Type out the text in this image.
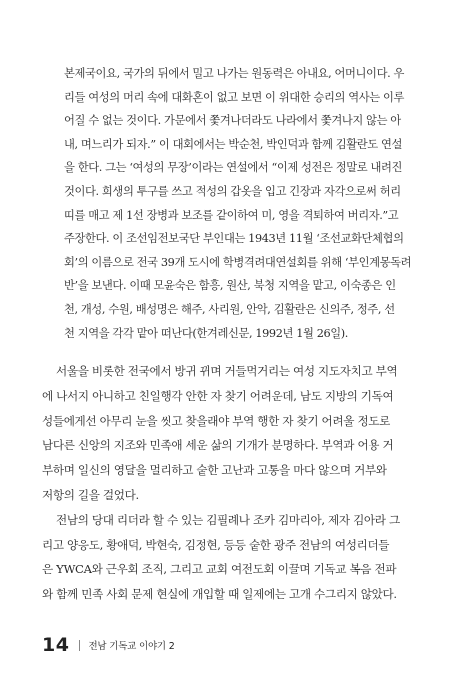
본제국이요, 국가의 뒤에서 밀고 나가는 원동력은 아내요, 어머니이다. 우
리들 여성의 머리 속에 대화혼이 없고 보면 이 위대한 승리의 역사는 이루
어질 수 없는 것이다. 가문에서 쫓겨나더라도 나라에서 쫓겨나지 않는 아
내, 며느리가 되자.” 이 대회에서는 박순천, 박인덕과 함께 김활란도 연설
을 한다. 그는 ‘여성의 무장’이라는 연설에서 “이제 성전은 정말로 내려진
것이다. 희생의 투구를 쓰고 적성의 갑옷을 입고 긴장과 자각으로써 허리
띠를 매고 제 1선 장병과 보조를 같이하여 미, 영을 격퇴하여 버리자.”고
주장한다. 이 조선임전보국단 부인대는 1943년 11월 ‘조선교화단체협의
회’의 이름으로 전국 39개 도시에 학병격려대연설회를 위해 ‘부인계몽독려
반’을 보낸다. 이때 모윤숙은 함흥, 원산, 북청 지역을 맡고, 이숙종은 인
천, 개성, 수원, 배성명은 해주, 사리원, 안악, 김활란은 신의주, 정주, 선
천 지역을 각각 맡아 떠난다(한겨레신문, 1992년 1월 26일).
서울을 비롯한 전국에서 방귀 뀌며 거들먹거리는 여성 지도자치고 부역
에 나서지 아니하고 친일행각 안한 자 찾기 어려운데, 남도 지방의 기독여
성들에게선 아무리 눈을 씻고 찾을래야 부역 행한 자 찾기 어려울 정도로
남다른 신앙의 지조와 민족애 세운 삶의 기개가 분명하다. 부역과 어용 거
부하며 일신의 영달을 멀리하고 숱한 고난과 고통을 마다 않으며 거부와
저항의 길을 걸었다.
전남의 당대 리더라 할 수 있는 김필례나 조카 김마리아, 제자 김아라 그
리고 양응도, 황애덕, 박현숙, 김정현, 등등 숱한 광주 전남의 여성리더들
은 YWCA와 근우회 조직, 그리고 교회 여전도회 이끌며 기독교 복음 전파
와 함께 민족 사회 문제 현실에 개입할 때 일제에는 고개 수그리지 않았다.
14 전남 기독교 이야기 2
